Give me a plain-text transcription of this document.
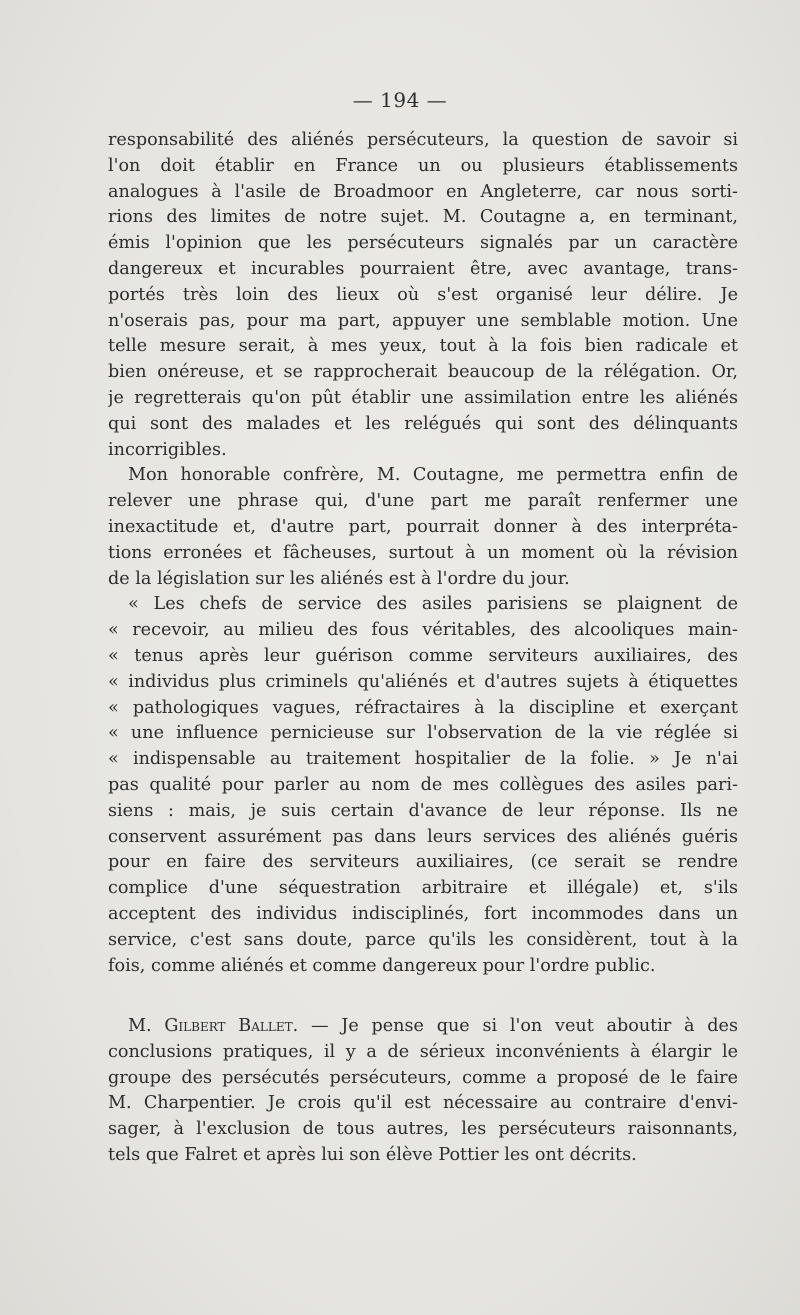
— 194 —
responsabilité des aliénés persécuteurs, la question de savoir si
l'on doit établir en France un ou plusieurs établissements
analogues à l'asile de Broadmoor en Angleterre, car nous sorti-
rions des limites de notre sujet. M. Coutagne a, en terminant,
émis l'opinion que les persécuteurs signalés par un caractère
dangereux et incurables pourraient être, avec avantage, trans-
portés très loin des lieux où s'est organisé leur délire. Je
n'oserais pas, pour ma part, appuyer une semblable motion. Une
telle mesure serait, à mes yeux, tout à la fois bien radicale et
bien onéreuse, et se rapprocherait beaucoup de la rélégation. Or,
je regretterais qu'on pût établir une assimilation entre les aliénés
qui sont des malades et les relégués qui sont des délinquants
incorrigibles.
Mon honorable confrère, M. Coutagne, me permettra enfin de
relever une phrase qui, d'une part me paraît renfermer une
inexactitude et, d'autre part, pourrait donner à des interpréta-
tions erronées et fâcheuses, surtout à un moment où la révision
de la législation sur les aliénés est à l'ordre du jour.
« Les chefs de service des asiles parisiens se plaignent de
« recevoir, au milieu des fous véritables, des alcooliques main-
« tenus après leur guérison comme serviteurs auxiliaires, des
« individus plus criminels qu'aliénés et d'autres sujets à étiquettes
« pathologiques vagues, réfractaires à la discipline et exerçant
« une influence pernicieuse sur l'observation de la vie réglée si
« indispensable au traitement hospitalier de la folie. » Je n'ai
pas qualité pour parler au nom de mes collègues des asiles pari-
siens : mais, je suis certain d'avance de leur réponse. Ils ne
conservent assurément pas dans leurs services des aliénés guéris
pour en faire des serviteurs auxiliaires, (ce serait se rendre
complice d'une séquestration arbitraire et illégale) et, s'ils
acceptent des individus indisciplinés, fort incommodes dans un
service, c'est sans doute, parce qu'ils les considèrent, tout à la
fois, comme aliénés et comme dangereux pour l'ordre public.
M. Gilbert Ballet. — Je pense que si l'on veut aboutir à des
conclusions pratiques, il y a de sérieux inconvénients à élargir le
groupe des persécutés persécuteurs, comme a proposé de le faire
M. Charpentier. Je crois qu'il est nécessaire au contraire d'envi-
sager, à l'exclusion de tous autres, les persécuteurs raisonnants,
tels que Falret et après lui son élève Pottier les ont décrits.
